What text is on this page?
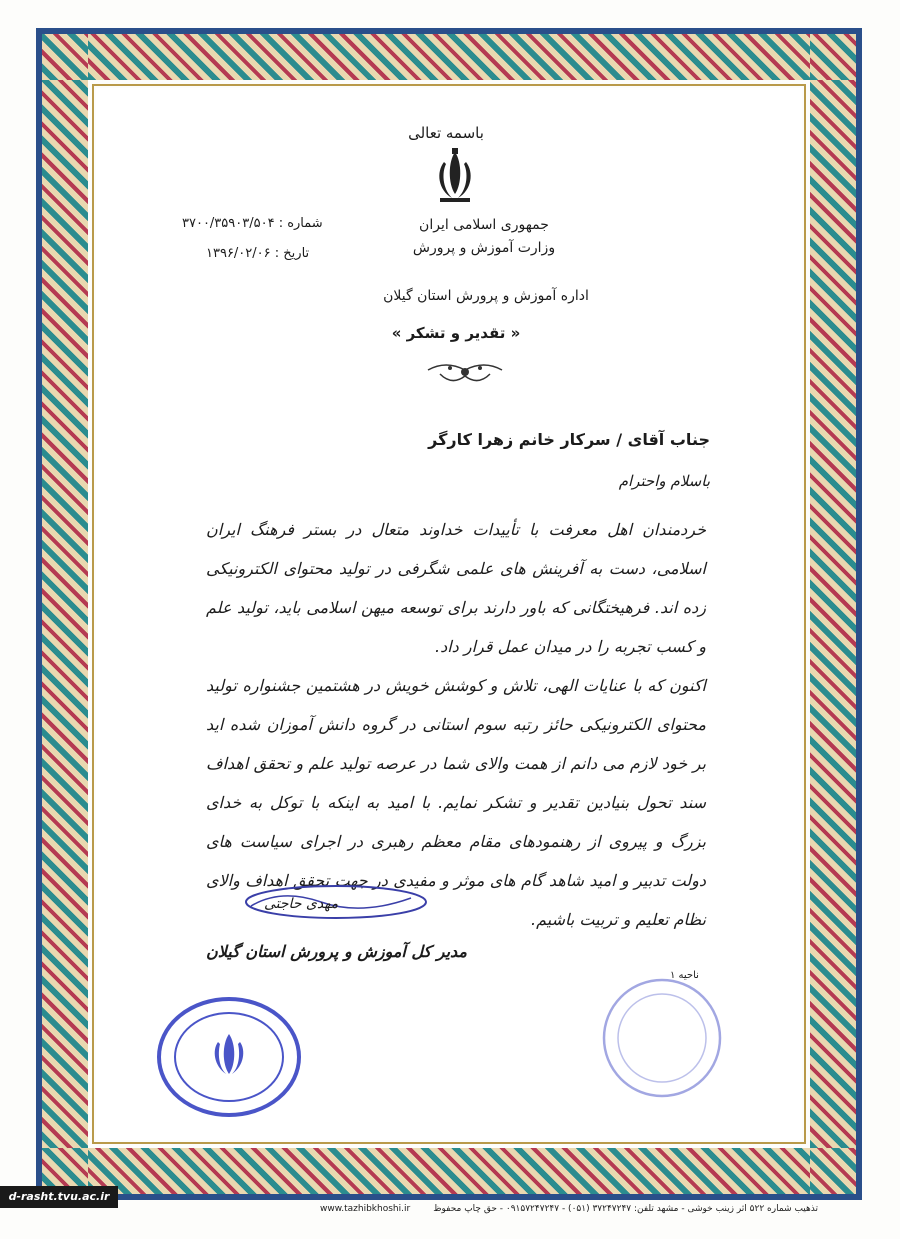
باسمه تعالی
جمهوری اسلامی ایران
وزارت آموزش و پرورش
اداره آموزش و پرورش استان گیلان
شماره : ۳۷۰۰/۳۵۹۰۳/۵۰۴
تاریخ : ۱۳۹۶/۰۲/۰۶
« تقدیر و تشکر »
جناب آقای / سرکار خانم زهرا کارگر
باسلام واحترام
خردمندان اهل معرفت با تأییدات خداوند متعال در بستر فرهنگ ایران اسلامی، دست به آفرینش های علمی شگرفی در تولید محتوای الکترونیکی زده اند. فرهیختگانی که باور دارند برای توسعه میهن اسلامی باید، تولید علم و کسب تجربه را در میدان عمل قرار داد.
اکنون که با عنایات الهی، تلاش و کوشش خویش در هشتمین جشنواره تولید محتوای الکترونیکی حائز رتبه سوم استانی در گروه دانش آموزان شده اید بر خود لازم می دانم از همت والای شما در عرصه تولید علم و تحقق اهداف سند تحول بنیادین تقدیر و تشکر نمایم. با امید به اینکه با توکل به خدای بزرگ و پیروی از رهنمودهای مقام معظم رهبری در اجرای سیاست های دولت تدبیر و امید شاهد گام های موثر و مفیدی در جهت تحقق اهداف والای نظام تعلیم و تربیت باشیم.
مهدی حاجتی
مدیر کل آموزش و پرورش استان گیلان
ناحیه ۱
تذهیب شماره ۵۲۲ اثر زینب خوشی - مشهد تلفن: ۳۷۲۴۷۲۴۷ (۰۵۱) - ۰۹۱۵۷۲۴۷۲۴۷ - حق چاپ محفوظ
www.tazhibkhoshi.ir
d-rasht.tvu.ac.ir
